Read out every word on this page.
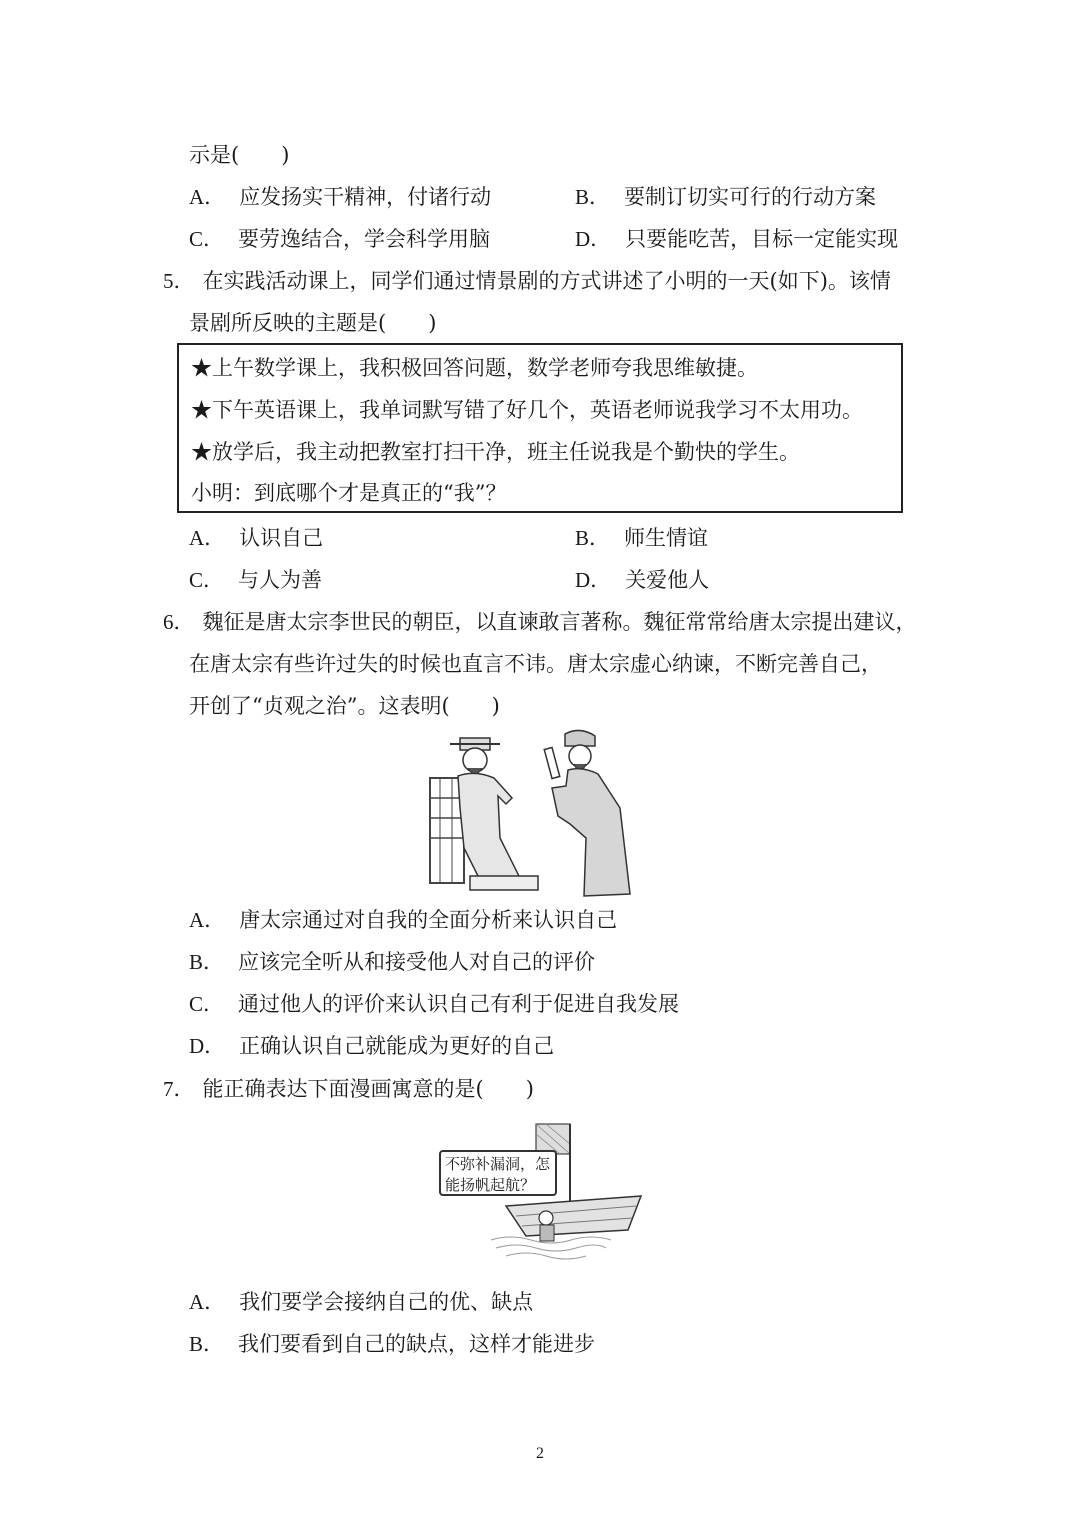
示是(　　)
A． 应发扬实干精神，付诸行动	B． 要制订切实可行的行动方案
C． 要劳逸结合，学会科学用脑	D． 只要能吃苦，目标一定能实现
5． 在实践活动课上，同学们通过情景剧的方式讲述了小明的一天(如下)。该情
景剧所反映的主题是(　　)
★上午数学课上，我积极回答问题，数学老师夸我思维敏捷。
★下午英语课上，我单词默写错了好几个，英语老师说我学习不太用功。
★放学后，我主动把教室打扫干净，班主任说我是个勤快的学生。
小明：到底哪个才是真正的“我”？
A． 认识自己	B． 师生情谊
C． 与人为善	D． 关爱他人
6． 魏征是唐太宗李世民的朝臣，以直谏敢言著称。魏征常常给唐太宗提出建议，
在唐太宗有些许过失的时候也直言不讳。唐太宗虚心纳谏，不断完善自己，
开创了“贞观之治”。这表明(　　)
A． 唐太宗通过对自我的全面分析来认识自己
B． 应该完全听从和接受他人对自己的评价
C． 通过他人的评价来认识自己有利于促进自我发展
D． 正确认识自己就能成为更好的自己
7． 能正确表达下面漫画寓意的是(　　)
不弥补漏洞，怎
能扬帆起航？
A． 我们要学会接纳自己的优、缺点
B． 我们要看到自己的缺点，这样才能进步
2
